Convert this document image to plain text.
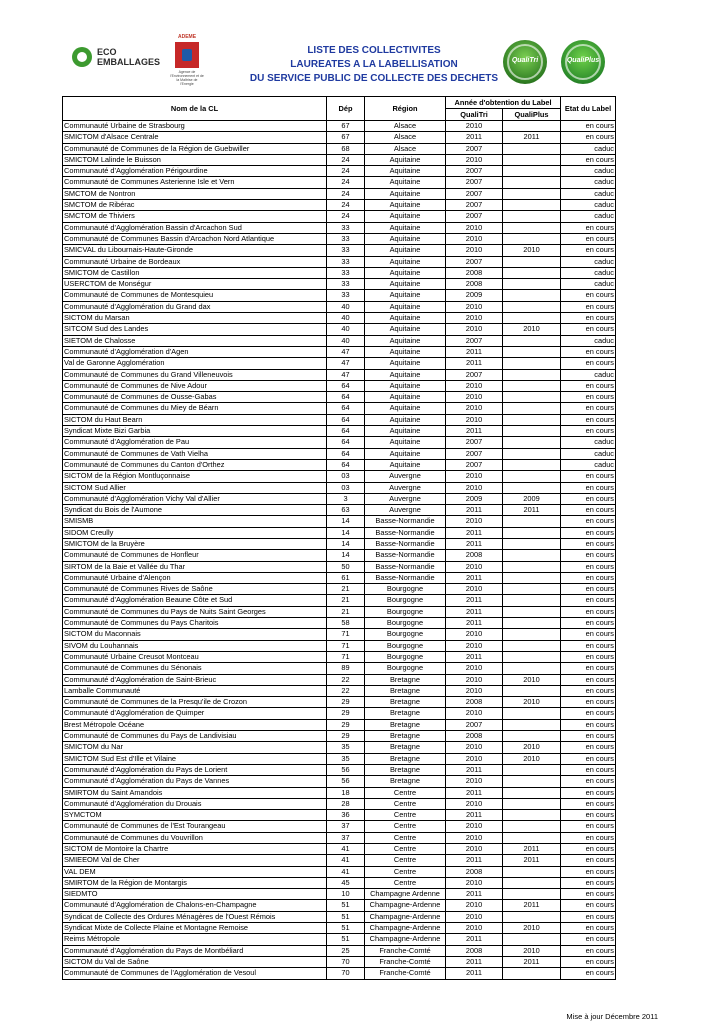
ECO
EMBALLAGES
ADEME
Agence de l'Environnement et de la Maîtrise de l'Energie
LISTE DES COLLECTIVITES
LAUREATES A LA LABELLISATION
DU SERVICE PUBLIC DE COLLECTE DES DECHETS
QualiTri	QualiPlus
Nom de la CL	Dép	Région	Année d'obtention du Label		Etat du Label
			QualiTri	QualiPlus	
Communauté Urbaine de Strasbourg	67	Alsace	2010		en cours
SMICTOM d'Alsace Centrale	67	Alsace	2011	2011	en cours
Communauté de Communes de la Région de Guebwiller	68	Alsace	2007		caduc
SMICTOM Lalinde le Buisson	24	Aquitaine	2010		en cours
Communauté d'Agglomération Périgourdine	24	Aquitaine	2007		caduc
Communauté de Communes Asterienne Isle et Vern	24	Aquitaine	2007		caduc
SMCTOM de Nontron	24	Aquitaine	2007		caduc
SMCTOM de Ribérac	24	Aquitaine	2007		caduc
SMCTOM de Thiviers	24	Aquitaine	2007		caduc
Communauté d'Agglomération Bassin d'Arcachon Sud	33	Aquitaine	2010		en cours
Communauté de Communes Bassin d'Arcachon Nord Atlantique	33	Aquitaine	2010		en cours
SMICVAL du Libournais-Haute-Gironde	33	Aquitaine	2010	2010	en cours
Communauté Urbaine de Bordeaux	33	Aquitaine	2007		caduc
SMICTOM de Castillon	33	Aquitaine	2008		caduc
USERCTOM de Monségur	33	Aquitaine	2008		caduc
Communauté de Communes de Montesquieu	33	Aquitaine	2009		en cours
Communauté d'Agglomération du Grand dax	40	Aquitaine	2010		en cours
SICTOM du Marsan	40	Aquitaine	2010		en cours
SITCOM Sud des Landes	40	Aquitaine	2010	2010	en cours
SIETOM de Chalosse	40	Aquitaine	2007		caduc
Communauté d'Agglomération d'Agen	47	Aquitaine	2011		en cours
Val de Garonne Agglomération	47	Aquitaine	2011		en cours
Communauté de Communes du Grand Villeneuvois	47	Aquitaine	2007		caduc
Communauté de Communes de Nive Adour	64	Aquitaine	2010		en cours
Communauté de Communes de Ousse-Gabas	64	Aquitaine	2010		en cours
Communauté de Communes du Miey de Béarn	64	Aquitaine	2010		en cours
SICTOM du Haut Bearn	64	Aquitaine	2010		en cours
Syndicat Mixte Bizi Garbia	64	Aquitaine	2011		en cours
Communauté d'Agglomération de Pau	64	Aquitaine	2007		caduc
Communauté de Communes de Vath Vielha	64	Aquitaine	2007		caduc
Communauté de Communes du Canton d'Orthez	64	Aquitaine	2007		caduc
SICTOM de la Région Montluçonnaise	03	Auvergne	2010		en cours
SICTOM Sud Allier	03	Auvergne	2010		en cours
Communauté d'Agglomération Vichy Val d'Allier	3	Auvergne	2009	2009	en cours
Syndicat du Bois de l'Aumone	63	Auvergne	2011	2011	en cours
SMISMB	14	Basse-Normandie	2010		en cours
SIDOM Creully	14	Basse-Normandie	2011		en cours
SMICTOM de la Bruyère	14	Basse-Normandie	2011		en cours
Communauté de Communes de Honfleur	14	Basse-Normandie	2008		en cours
SIRTOM de la Baie et Vallée du Thar	50	Basse-Normandie	2010		en cours
Communauté Urbaine d'Alençon	61	Basse-Normandie	2011		en cours
Communauté de Communes Rives de Saône	21	Bourgogne	2010		en cours
Communauté d'Agglomération Beaune Côte et Sud	21	Bourgogne	2011		en cours
Communauté de Communes du Pays de Nuits Saint Georges	21	Bourgogne	2011		en cours
Communauté de Communes du Pays Charitois	58	Bourgogne	2011		en cours
SICTOM du Maconnais	71	Bourgogne	2010		en cours
SIVOM du Louhannais	71	Bourgogne	2010		en cours
Communauté Urbaine Creusot Montceau	71	Bourgogne	2011		en cours
Communauté de Communes du Sénonais	89	Bourgogne	2010		en cours
Communauté d'Agglomération de Saint-Brieuc	22	Bretagne	2010	2010	en cours
Lamballe Communauté	22	Bretagne	2010		en cours
Communauté de Communes de la Presqu'ile de Crozon	29	Bretagne	2008	2010	en cours
Communauté d'Agglomération de Quimper	29	Bretagne	2010		en cours
Brest Métropole Océane	29	Bretagne	2007		en cours
Communauté de Communes du Pays de Landivisiau	29	Bretagne	2008		en cours
SMICTOM du Nar	35	Bretagne	2010	2010	en cours
SMICTOM Sud Est d'Ille et Vilaine	35	Bretagne	2010	2010	en cours
Communauté d'Agglomération du Pays de Lorient	56	Bretagne	2011		en cours
Communauté d'Agglomération du Pays de Vannes	56	Bretagne	2010		en cours
SMIRTOM du Saint Amandois	18	Centre	2011		en cours
Communauté d'Agglomération du Drouais	28	Centre	2010		en cours
SYMCTOM	36	Centre	2011		en cours
Communauté de Communes de l'Est Tourangeau	37	Centre	2010		en cours
Communauté de Communes du Vouvrillon	37	Centre	2010		en cours
SICTOM de Montoire la Chartre	41	Centre	2010	2011	en cours
SMIEEOM Val de Cher	41	Centre	2011	2011	en cours
VAL DEM	41	Centre	2008		en cours
SMIRTOM de la Région de Montargis	45	Centre	2010		en cours
SIEDMTO	10	Champagne Ardenne	2011		en cours
Communauté d'Agglomération de Chalons-en-Champagne	51	Champagne-Ardenne	2010	2011	en cours
Syndicat de Collecte des Ordures Ménagères de l'Ouest Rémois	51	Champagne-Ardenne	2010		en cours
Syndicat Mixte de Collecte Plaine et Montagne Remoise	51	Champagne-Ardenne	2010	2010	en cours
Reims Métropole	51	Champagne-Ardenne	2011		en cours
Communauté d'Agglomération du Pays de Montbéliard	25	Franche-Comté	2008	2010	en cours
SICTOM du Val de Saône	70	Franche-Comté	2011	2011	en cours
Communauté de Communes de l'Agglomération de Vesoul	70	Franche-Comté	2011		en cours
Mise à jour Décembre 2011
